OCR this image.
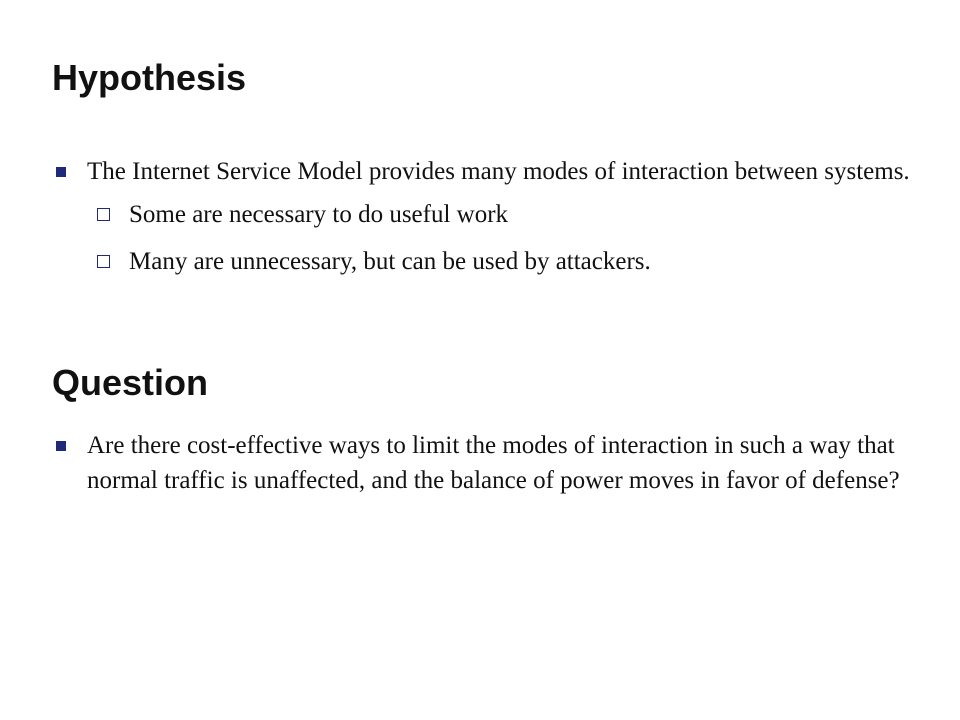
Hypothesis
The Internet Service Model provides many modes of interaction between systems.
Some are necessary to do useful work
Many are unnecessary, but can be used by attackers.
Question
Are there cost-effective ways to limit the modes of interaction in such a way that normal traffic is unaffected, and the balance of power moves in favor of defense?
